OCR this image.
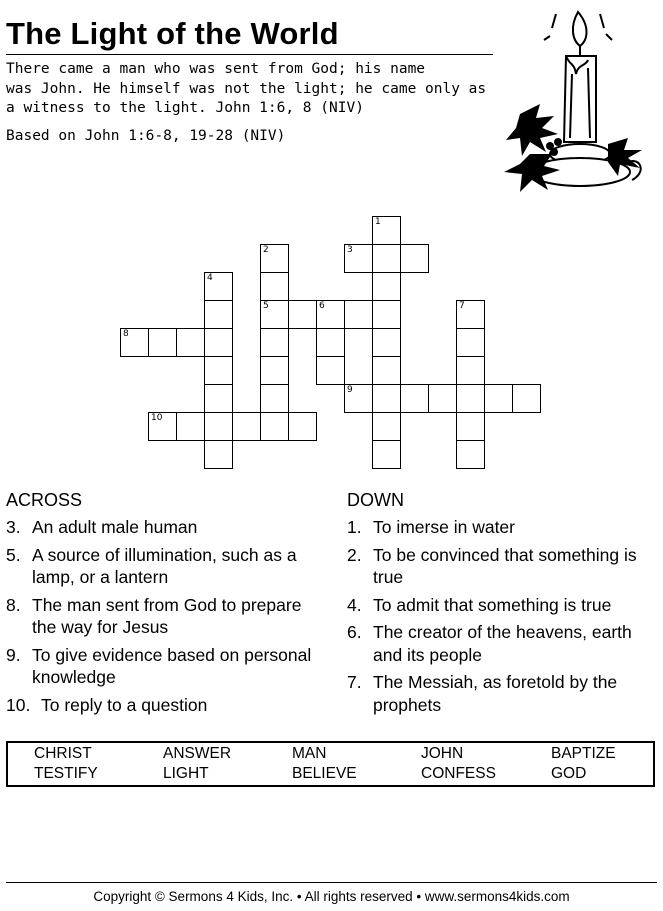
The Light of the World
There came a man who was sent from God; his name
was John. He himself was not the light; he came only as
a witness to the light. John 1:6, 8 (NIV)
Based on John 1:6-8, 19-28 (NIV)
1
2
5
3
4
6	7
8
9
10
ACROSS
3. An adult male human
5. A source of illumination, such as a lamp, or a lantern
8. The man sent from God to prepare the way for Jesus
9. To give evidence based on personal knowledge
10. To reply to a question
DOWN
1. To imerse in water
2. To be convinced that something is true
4. To admit that something is true
6. The creator of the heavens, earth and its people
7. The Messiah, as foretold by the prophets
CHRIST	ANSWER	MAN	JOHN	BAPTIZE
TESTIFY	LIGHT	BELIEVE	CONFESS	GOD
Copyright © Sermons 4 Kids, Inc. • All rights reserved • www.sermons4kids.com
